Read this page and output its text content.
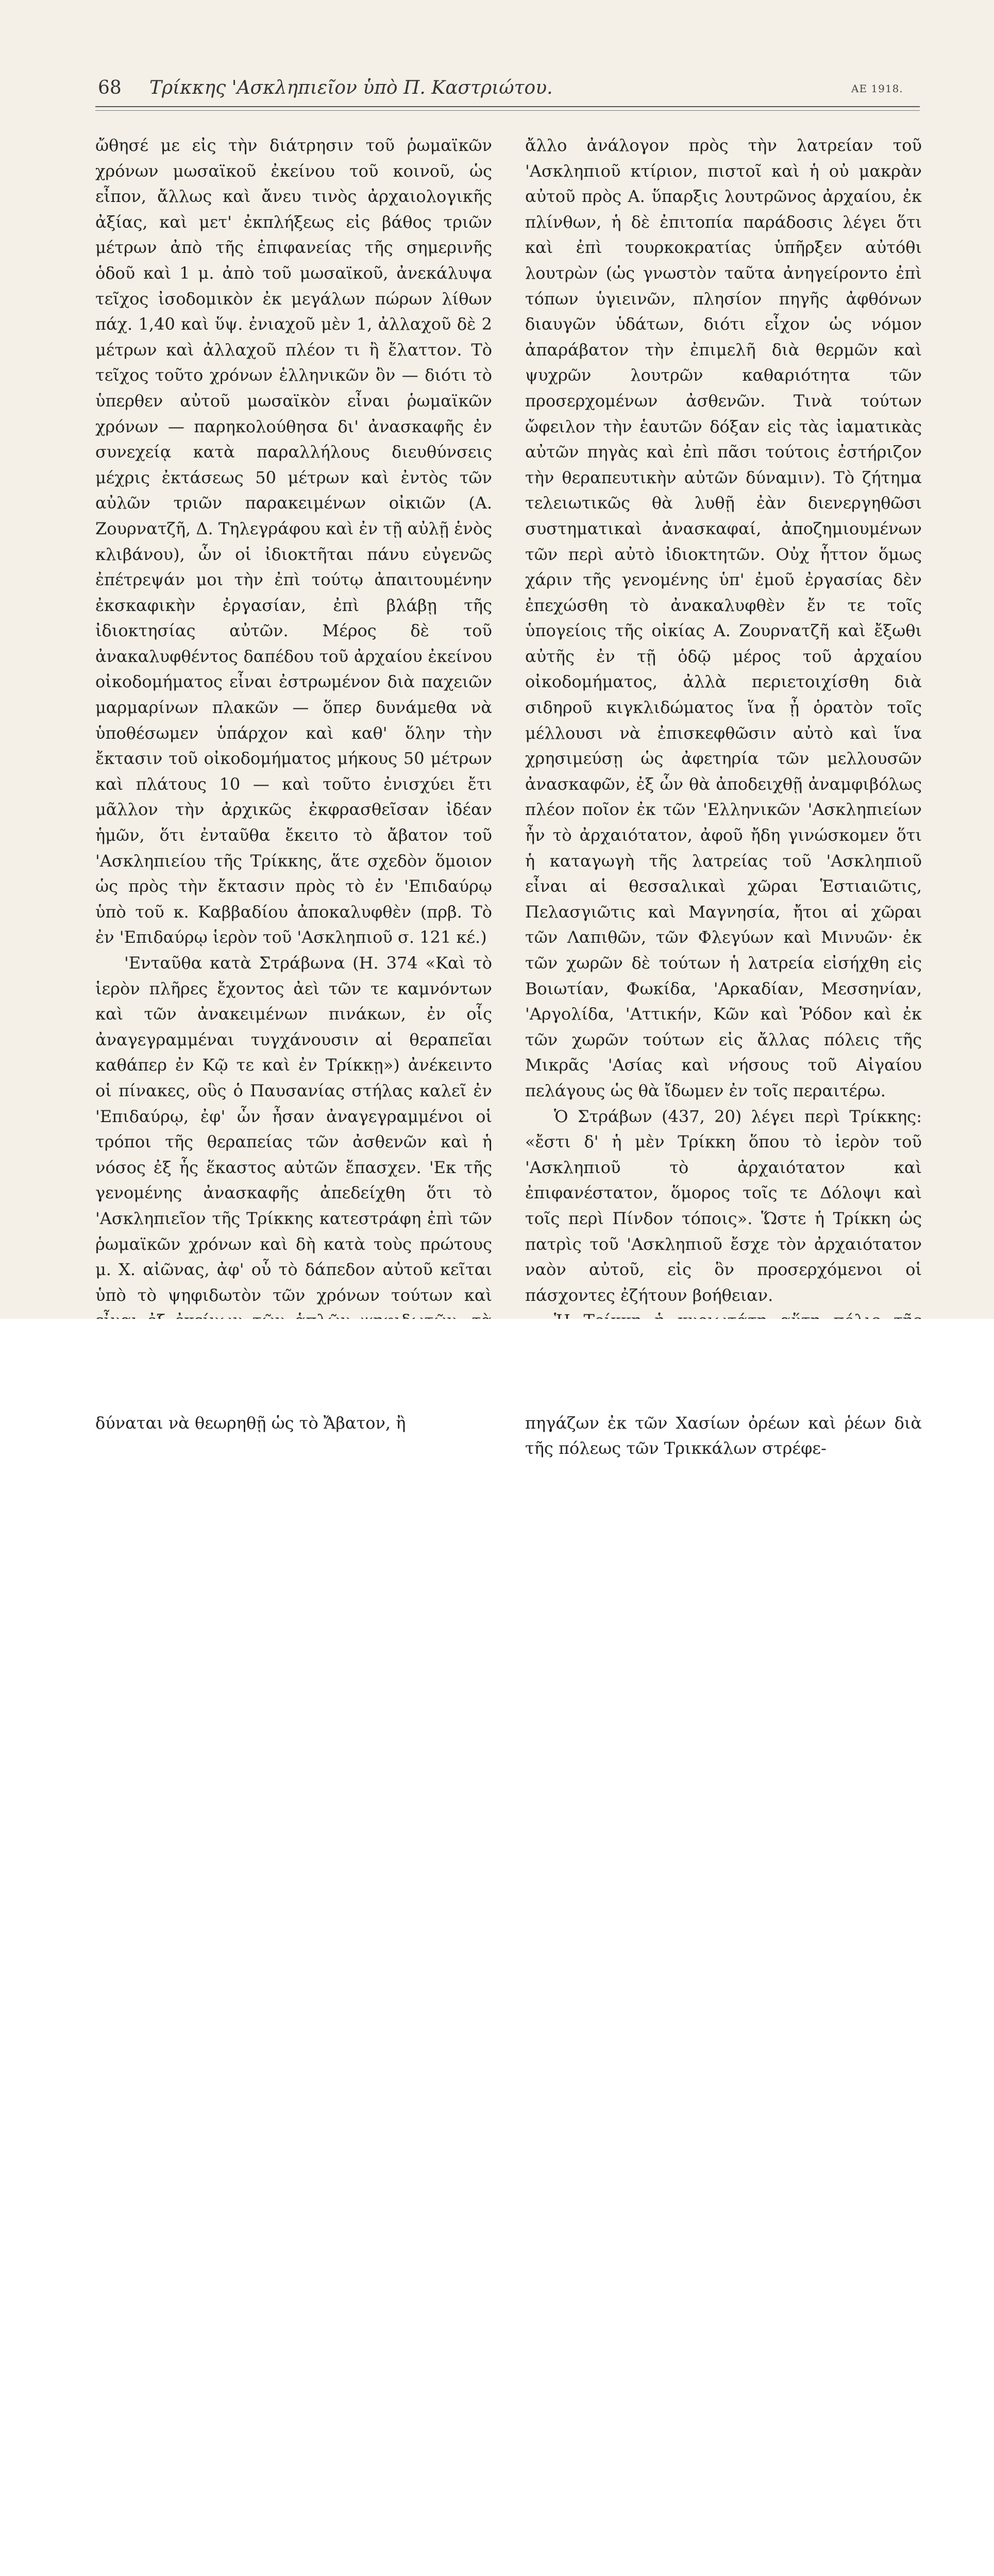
68 Τρίκκης 'Ασκληπιεῖον ὑπὸ Π. Καστριώτου.	ΑΕ 1918.

ὤθησέ με εἰς τὴν διάτρησιν τοῦ ῥωμαϊκῶν χρόνων μωσαϊκοῦ ἐκείνου τοῦ κοινοῦ, ὡς εἶπον, ἄλλως καὶ ἄνευ τινὸς ἀρχαιολογικῆς ἀξίας, καὶ μετ' ἐκπλήξεως εἰς βάθος τριῶν μέτρων ἀπὸ τῆς ἐπιφανείας τῆς σημερινῆς ὁδοῦ καὶ 1 μ. ἀπὸ τοῦ μωσαϊκοῦ, ἀνεκάλυψα τεῖχος ἰσοδομικὸν ἐκ μεγάλων πώρων λίθων πάχ. 1,40 καὶ ὕψ. ἐνιαχοῦ μὲν 1, ἀλλαχοῦ δὲ 2 μέτρων καὶ ἀλλαχοῦ πλέον τι ἢ ἔλαττον. Τὸ τεῖχος τοῦτο χρόνων ἑλληνικῶν ὂν — διότι τὸ ὑπερθεν αὐτοῦ μωσαϊκὸν εἶναι ῥωμαϊκῶν χρόνων — παρηκολούθησα δι' ἀνασκαφῆς ἐν συνεχείᾳ κατὰ παραλλήλους διευθύνσεις μέχρις ἐκτάσεως 50 μέτρων καὶ ἐντὸς τῶν αὐλῶν τριῶν παρακειμένων οἰκιῶν (Α. Ζουρνατζῆ, Δ. Τηλεγράφου καὶ ἐν τῇ αὐλῇ ἑνὸς κλιβάνου), ὧν οἱ ἰδιοκτῆται πάνυ εὐγενῶς ἐπέτρεψάν μοι τὴν ἐπὶ τούτῳ ἀπαιτουμένην ἐκσκαφικὴν ἐργασίαν, ἐπὶ βλάβῃ τῆς ἰδιοκτησίας αὐτῶν. Μέρος δὲ τοῦ ἀνακαλυφθέντος δαπέδου τοῦ ἀρχαίου ἐκείνου οἰκοδομήματος εἶναι ἐστρωμένον διὰ παχειῶν μαρμαρίνων πλακῶν — ὅπερ δυνάμεθα νὰ ὑποθέσωμεν ὑπάρχον καὶ καθ' ὅλην τὴν ἔκτασιν τοῦ οἰκοδομήματος μήκους 50 μέτρων καὶ πλάτους 10 — καὶ τοῦτο ἐνισχύει ἔτι μᾶλλον τὴν ἀρχικῶς ἐκφρασθεῖσαν ἰδέαν ἡμῶν, ὅτι ἐνταῦθα ἔκειτο τὸ ἄβατον τοῦ 'Ασκληπιείου τῆς Τρίκκης, ἅτε σχεδὸν ὅμοιον ὡς πρὸς τὴν ἔκτασιν πρὸς τὸ ἐν 'Επιδαύρῳ ὑπὸ τοῦ κ. Καββαδίου ἀποκαλυφθὲν (πρβ. Τὸ ἐν 'Επιδαύρῳ ἱερὸν τοῦ 'Ασκληπιοῦ σ. 121 κέ.)

'Ενταῦθα κατὰ Στράβωνα (Η. 374 «Καὶ τὸ ἱερὸν πλῆρες ἔχοντος ἀεὶ τῶν τε καμνόντων καὶ τῶν ἀνακειμένων πινάκων, ἐν οἷς ἀναγεγραμμέναι τυγχάνουσιν αἱ θεραπεῖαι καθάπερ ἐν Κῷ τε καὶ ἐν Τρίκκῃ») ἀνέκειντο οἱ πίνακες, οὓς ὁ Παυσανίας στήλας καλεῖ ἐν 'Επιδαύρῳ, ἐφ' ὧν ἦσαν ἀναγεγραμμένοι οἱ τρόποι τῆς θεραπείας τῶν ἀσθενῶν καὶ ἡ νόσος ἐξ ἧς ἕκαστος αὐτῶν ἔπασχεν. 'Εκ τῆς γενομένης ἀνασκαφῆς ἀπεδείχθη ὅτι τὸ 'Ασκληπιεῖον τῆς Τρίκκης κατεστράφη ἐπὶ τῶν ῥωμαϊκῶν χρόνων καὶ δὴ κατὰ τοὺς πρώτους μ. Χ. αἰῶνας, ἀφ' οὗ τὸ δάπεδον αὐτοῦ κεῖται ὑπὸ τὸ ψηφιδωτὸν τῶν χρόνων τούτων καὶ δύναται νὰ θεωρηθῇ ὡς τὸ Ἄβατον, ἢ

ἄλλο ἀνάλογον πρὸς τὴν λατρείαν τοῦ 'Ασκληπιοῦ κτίριον, πιστοῖ καὶ ἡ οὐ μακρὰν αὐτοῦ πρὸς Α. ὕπαρξις λουτρῶνος ἀρχαίου, ἐκ πλίνθων, ἡ δὲ ἐπιτοπία παράδοσις λέγει ὅτι καὶ ἐπὶ τουρκοκρατίας ὑπῆρξεν αὐτόθι λουτρὼν (ὡς γνωστὸν ταῦτα ἀνηγείροντο ἐπὶ τόπων ὑγιεινῶν, πλησίον πηγῆς ἀφθόνων διαυγῶν ὑδάτων, διότι εἶχον ὡς νόμον ἀπαράβατον τὴν ἐπιμελῆ διὰ θερμῶν καὶ ψυχρῶν λουτρῶν καθαριότητα τῶν προσερχομένων ἀσθενῶν. Τινὰ τούτων ὤφειλον τὴν ἑαυτῶν δόξαν εἰς τὰς ἰαματικὰς αὐτῶν πηγὰς καὶ ἐπὶ πᾶσι τούτοις ἐστήριζον τὴν θεραπευτικὴν αὐτῶν δύναμιν). Τὸ ζήτημα τελειωτικῶς θὰ λυθῇ ἐὰν διενεργηθῶσι συστηματικαὶ ἀνασκαφαί, ἀποζημιουμένων τῶν περὶ αὐτὸ ἰδιοκτητῶν. Οὐχ ἧττον ὅμως χάριν τῆς γενομένης ὑπ' ἐμοῦ ἐργασίας δὲν ἐπεχώσθη τὸ ἀνακαλυφθὲν ἔν τε τοῖς ὑπογείοις τῆς οἰκίας Α. Ζουρνατζῆ καὶ ἔξωθι αὐτῆς ἐν τῇ ὁδῷ μέρος τοῦ ἀρχαίου οἰκοδομήματος, ἀλλὰ περιετοιχίσθη διὰ σιδηροῦ κιγκλιδώματος ἵνα ᾖ ὁρατὸν τοῖς μέλλουσι νὰ ἐπισκεφθῶσιν αὐτὸ καὶ ἵνα χρησιμεύσῃ ὡς ἀφετηρία τῶν μελλουσῶν ἀνασκαφῶν, ἐξ ὧν θὰ ἀποδειχθῇ ἀναμφιβόλως πλέον ποῖον ἐκ τῶν 'Ελληνικῶν 'Ασκληπιείων ἦν τὸ ἀρχαιότατον, ἀφοῦ ἤδη γινώσκομεν ὅτι ἡ καταγωγὴ τῆς λατρείας τοῦ 'Ασκληπιοῦ εἶναι αἱ θεσσαλικαὶ χῶραι Ἑστιαιῶτις, Πελασγιῶτις καὶ Μαγνησία, ἤτοι αἱ χῶραι τῶν Λαπιθῶν, τῶν Φλεγύων καὶ Μινυῶν· ἐκ τῶν χωρῶν δὲ τούτων ἡ λατρεία εἰσήχθη εἰς Βοιωτίαν, Φωκίδα, 'Αρκαδίαν, Μεσσηνίαν, 'Αργολίδα, 'Αττικήν, Κῶν καὶ Ῥόδον καὶ ἐκ τῶν χωρῶν τούτων εἰς ἄλλας πόλεις τῆς Μικρᾶς 'Ασίας καὶ νήσους τοῦ Αἰγαίου πελάγους ὡς θὰ ἴδωμεν ἐν τοῖς περαιτέρω.

Ὁ Στράβων (437, 20) λέγει περὶ Τρίκκης: «ἔστι δ' ἡ μὲν Τρίκκη ὅπου τὸ ἱερὸν τοῦ 'Ασκληπιοῦ τὸ ἀρχαιότατον καὶ ἐπιφανέστατον, ὅμορος τοῖς τε Δόλοψι καὶ τοῖς περὶ Πίνδον τόποις». Ὥστε ἡ Τρίκκη ὡς πατρὶς τοῦ 'Ασκληπιοῦ ἔσχε τὸν ἀρχαιότατον ναὸν αὐτοῦ, εἰς ὃν προσερχόμενοι οἱ πάσχοντες ἐζήτουν βοήθειαν.

πηγάζων ἐκ τῶν Χασίων ὀρέων καὶ ῥέων διὰ τῆς πόλεως τῶν Τρικκάλων στρέφε-
